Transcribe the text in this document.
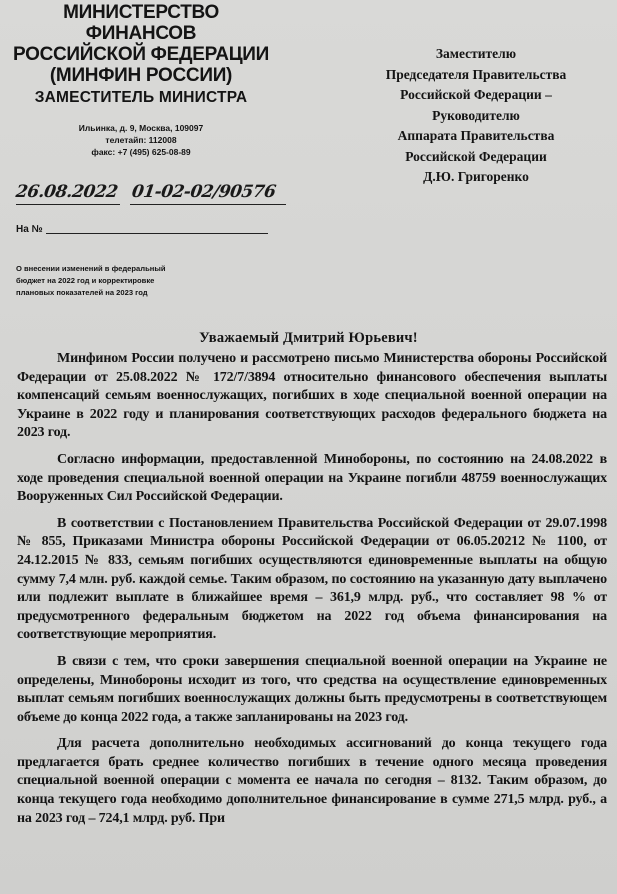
МИНИСТЕРСТВО ФИНАНСОВ
РОССИЙСКОЙ ФЕДЕРАЦИИ
(МИНФИН РОССИИ)
ЗАМЕСТИТЕЛЬ МИНИСТРА
Ильинка, д. 9, Москва, 109097
телетайп: 112008
факс: +7 (495) 625-08-89
Заместителю
Председателя Правительства
Российской Федерации –
Руководителю
Аппарата Правительства
Российской Федерации
Д.Ю. Григоренко
26.08.2022 01-02-02/90576
На №
О внесении изменений в федеральный
бюджет на 2022 год и корректировке
плановых показателей на 2023 год
Уважаемый Дмитрий Юрьевич!

Минфином России получено и рассмотрено письмо Министерства обороны Российской Федерации от 25.08.2022 № 172/7/3894 относительно финансового обеспечения выплаты компенсаций семьям военнослужащих, погибших в ходе специальной военной операции на Украине в 2022 году и планирования соответствующих расходов федерального бюджета на 2023 год.

Согласно информации, предоставленной Минобороны, по состоянию на 24.08.2022 в ходе проведения специальной военной операции на Украине погибли 48759 военнослужащих Вооруженных Сил Российской Федерации.

В соответствии с Постановлением Правительства Российской Федерации от 29.07.1998 № 855, Приказами Министра обороны Российской Федерации от 06.05.20212 № 1100, от 24.12.2015 № 833, семьям погибших осуществляются единовременные выплаты на общую сумму 7,4 млн. руб. каждой семье. Таким образом, по состоянию на указанную дату выплачено или подлежит выплате в ближайшее время – 361,9 млрд. руб., что составляет 98 % от предусмотренного федеральным бюджетом на 2022 год объема финансирования на соответствующие мероприятия.

В связи с тем, что сроки завершения специальной военной операции на Украине не определены, Минобороны исходит из того, что средства на осуществление единовременных выплат семьям погибших военнослужащих должны быть предусмотрены в соответствующем объеме до конца 2022 года, а также запланированы на 2023 год.

Для расчета дополнительно необходимых ассигнований до конца текущего года предлагается брать среднее количество погибших в течение одного месяца проведения специальной военной операции с момента ее начала по сегодня – 8132. Таким образом, до конца текущего года необходимо дополнительное финансирование в сумме 271,5 млрд. руб., а на 2023 год – 724,1 млрд. руб. При
